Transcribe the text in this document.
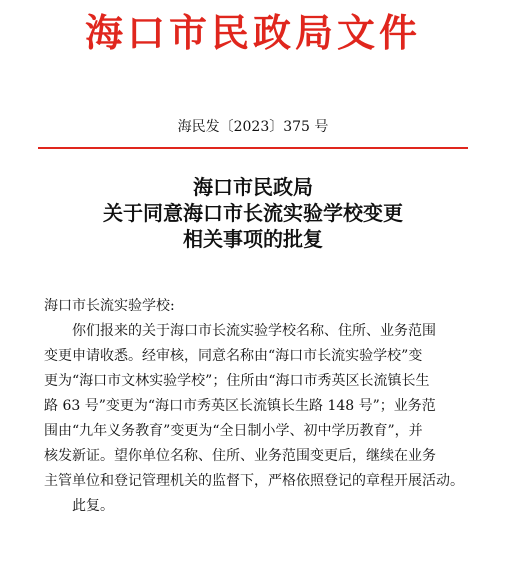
海口市民政局文件
海民发〔2023〕375 号
海口市民政局
关于同意海口市长流实验学校变更
相关事项的批复
海口市长流实验学校:
你们报来的关于海口市长流实验学校名称、住所、业务范围
变更申请收悉。经审核，同意名称由“海口市长流实验学校”变
更为“海口市文林实验学校”；住所由“海口市秀英区长流镇长生
路 63 号”变更为“海口市秀英区长流镇长生路 148 号”；业务范
围由“九年义务教育”变更为“全日制小学、初中学历教育”，并
核发新证。望你单位名称、住所、业务范围变更后，继续在业务
主管单位和登记管理机关的监督下，严格依照登记的章程开展活动。
此复。
